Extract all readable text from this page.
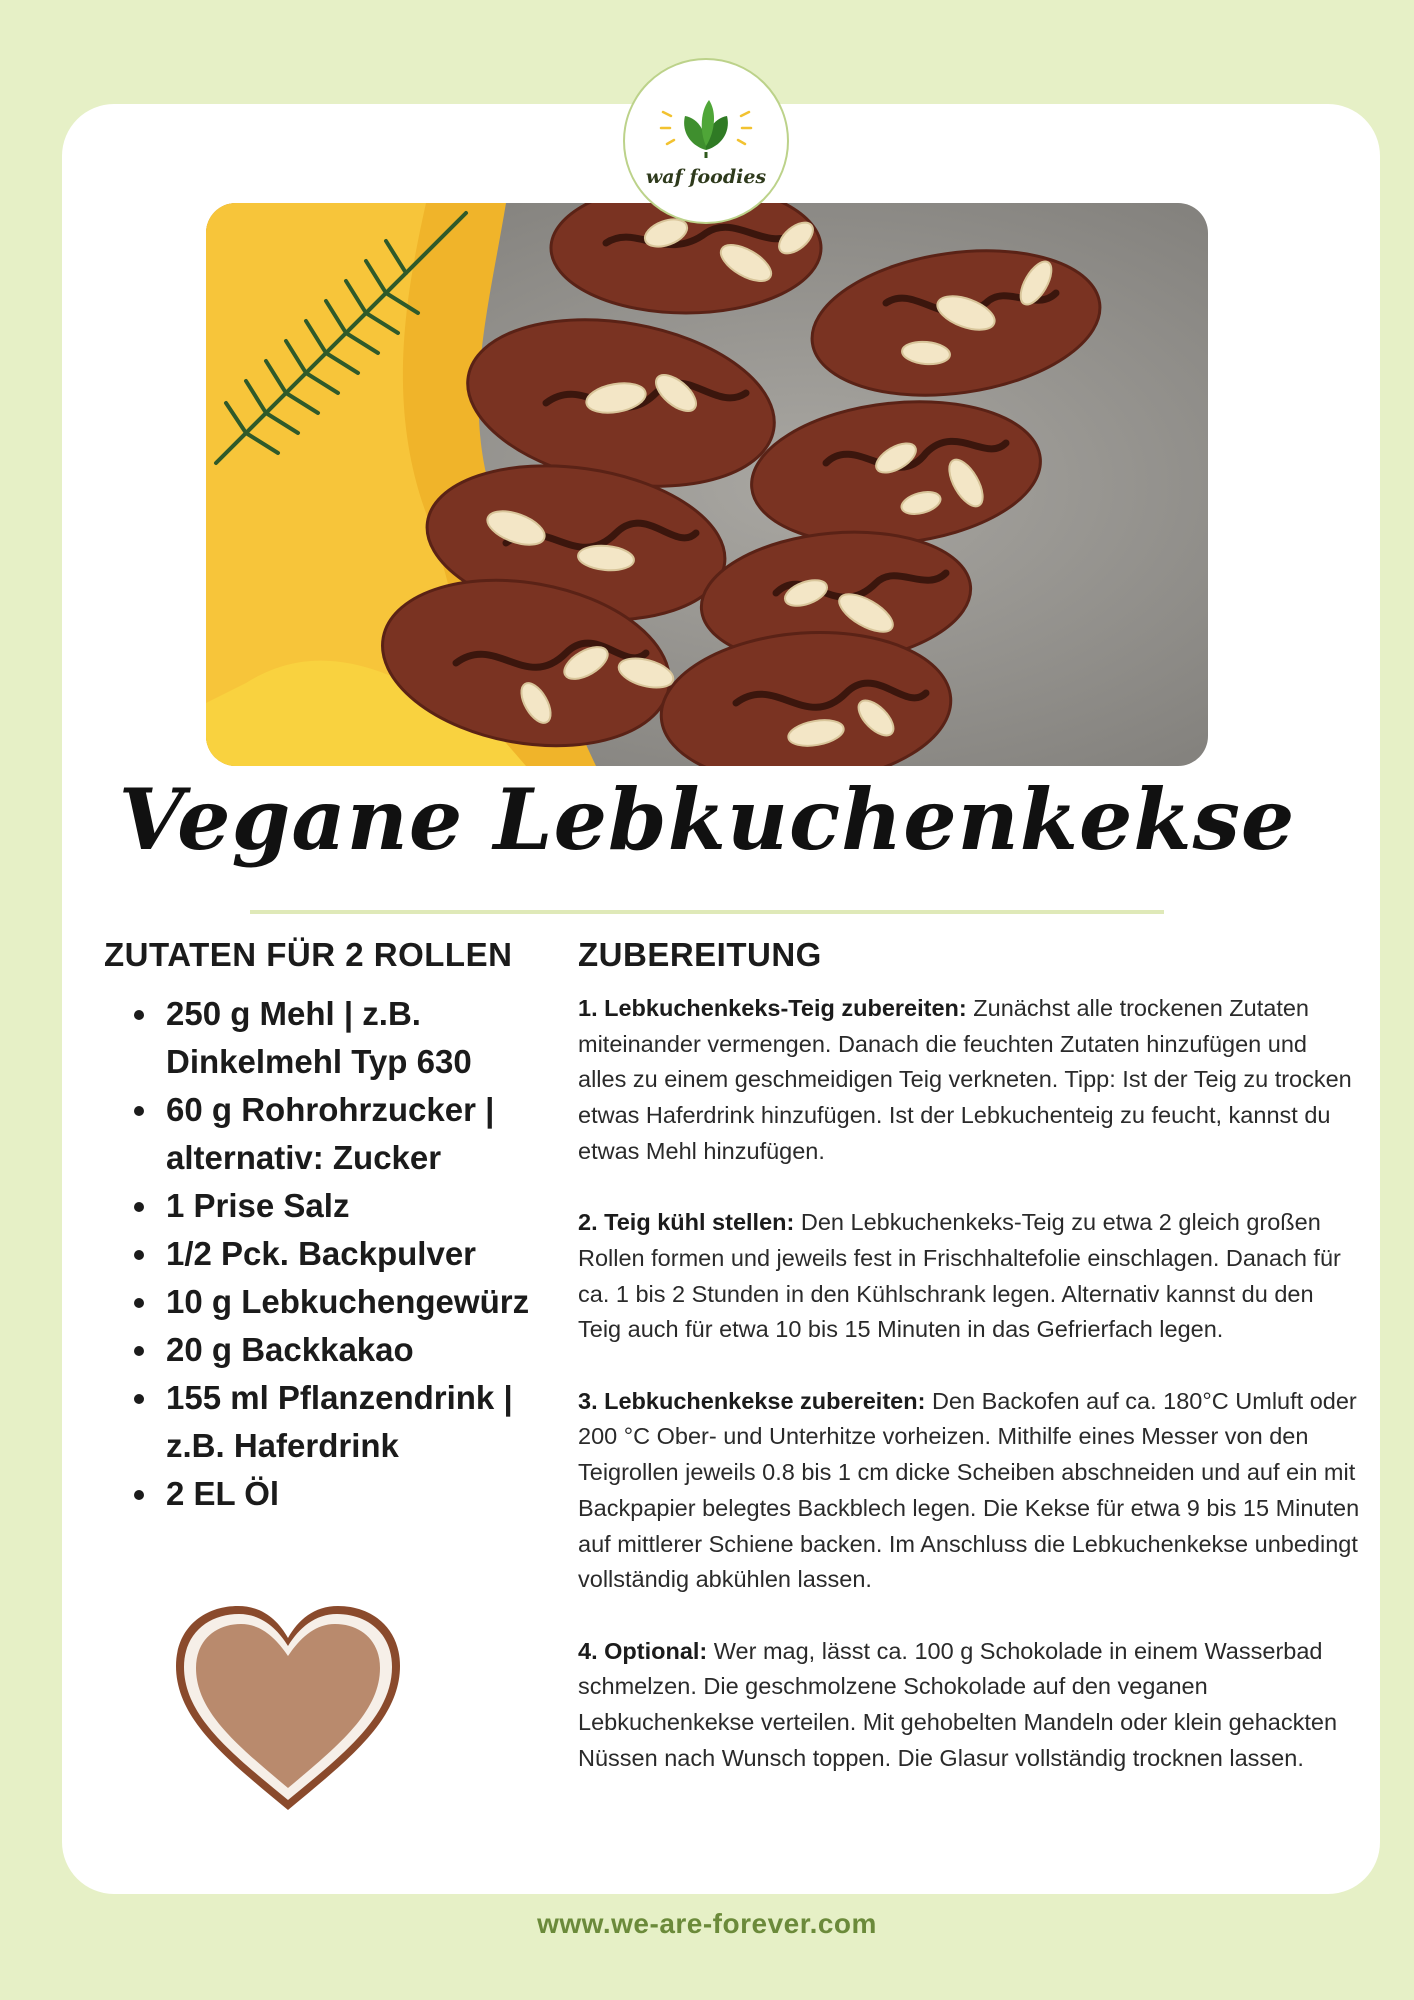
waf foodies
Vegane Lebkuchenkekse
ZUTATEN FÜR 2 ROLLEN
250 g Mehl | z.B. Dinkelmehl Typ 630
60 g Rohrohrzucker | alternativ: Zucker
1 Prise Salz
1/2 Pck. Backpulver
10 g Lebkuchengewürz
20 g Backkakao
155 ml Pflanzendrink | z.B. Haferdrink
2 EL Öl
ZUBEREITUNG

1. Lebkuchenkeks-Teig zubereiten: Zunächst alle trockenen Zutaten miteinander vermengen. Danach die feuchten Zutaten hinzufügen und alles zu einem geschmeidigen Teig verkneten. Tipp: Ist der Teig zu trocken etwas Haferdrink hinzufügen. Ist der Lebkuchenteig zu feucht, kannst du etwas Mehl hinzufügen.

2. Teig kühl stellen: Den Lebkuchenkeks-Teig zu etwa 2 gleich großen Rollen formen und jeweils fest in Frischhaltefolie einschlagen. Danach für ca. 1 bis 2 Stunden in den Kühlschrank legen. Alternativ kannst du den Teig auch für etwa 10 bis 15 Minuten in das Gefrierfach legen.

3. Lebkuchenkekse zubereiten: Den Backofen auf ca. 180°C Umluft oder 200 °C Ober- und Unterhitze vorheizen. Mithilfe eines Messer von den Teigrollen jeweils 0.8 bis 1 cm dicke Scheiben abschneiden und auf ein mit Backpapier belegtes Backblech legen. Die Kekse für etwa 9 bis 15 Minuten auf mittlerer Schiene backen. Im Anschluss die Lebkuchenkekse unbedingt vollständig abkühlen lassen.

4. Optional: Wer mag, lässt ca. 100 g Schokolade in einem Wasserbad schmelzen. Die geschmolzene Schokolade auf den veganen Lebkuchenkekse verteilen. Mit gehobelten Mandeln oder klein gehackten Nüssen nach Wunsch toppen. Die Glasur vollständig trocknen lassen.

www.we-are-forever.com
